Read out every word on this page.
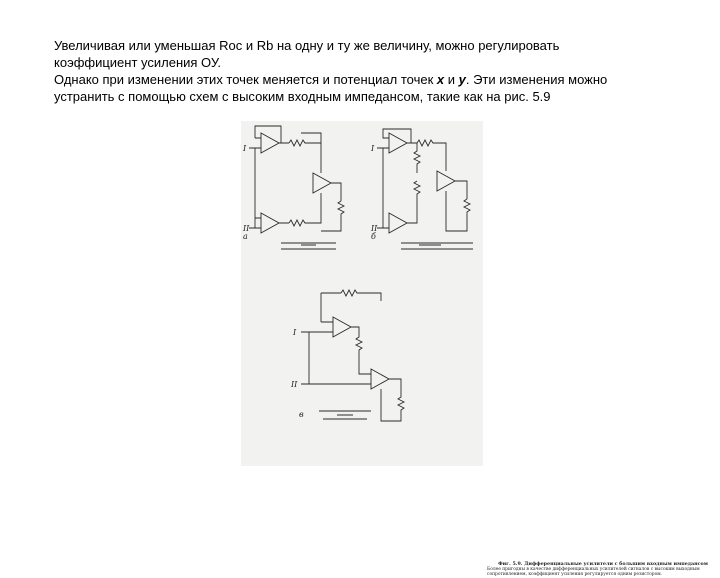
Увеличивая или уменьшая Roc и Rb на одну и ту же величину, можно регулировать

коэффициент усиления ОУ.

Однако при изменении этих точек меняется и потенциал точек x и y. Эти изменения можно

устранить с помощью схем с высоким входным импедансом, такие как на рис. 5.9

а
I
II
б
I
II
в
I
II
Фиг. 5.9. Дифференциальные усилители с большим входным импедансом
Более пригодны в качестве дифференциальных усилителей сигналов с высоким выходным сопротивлением, коэффициент усиления регулируется одним резистором.
